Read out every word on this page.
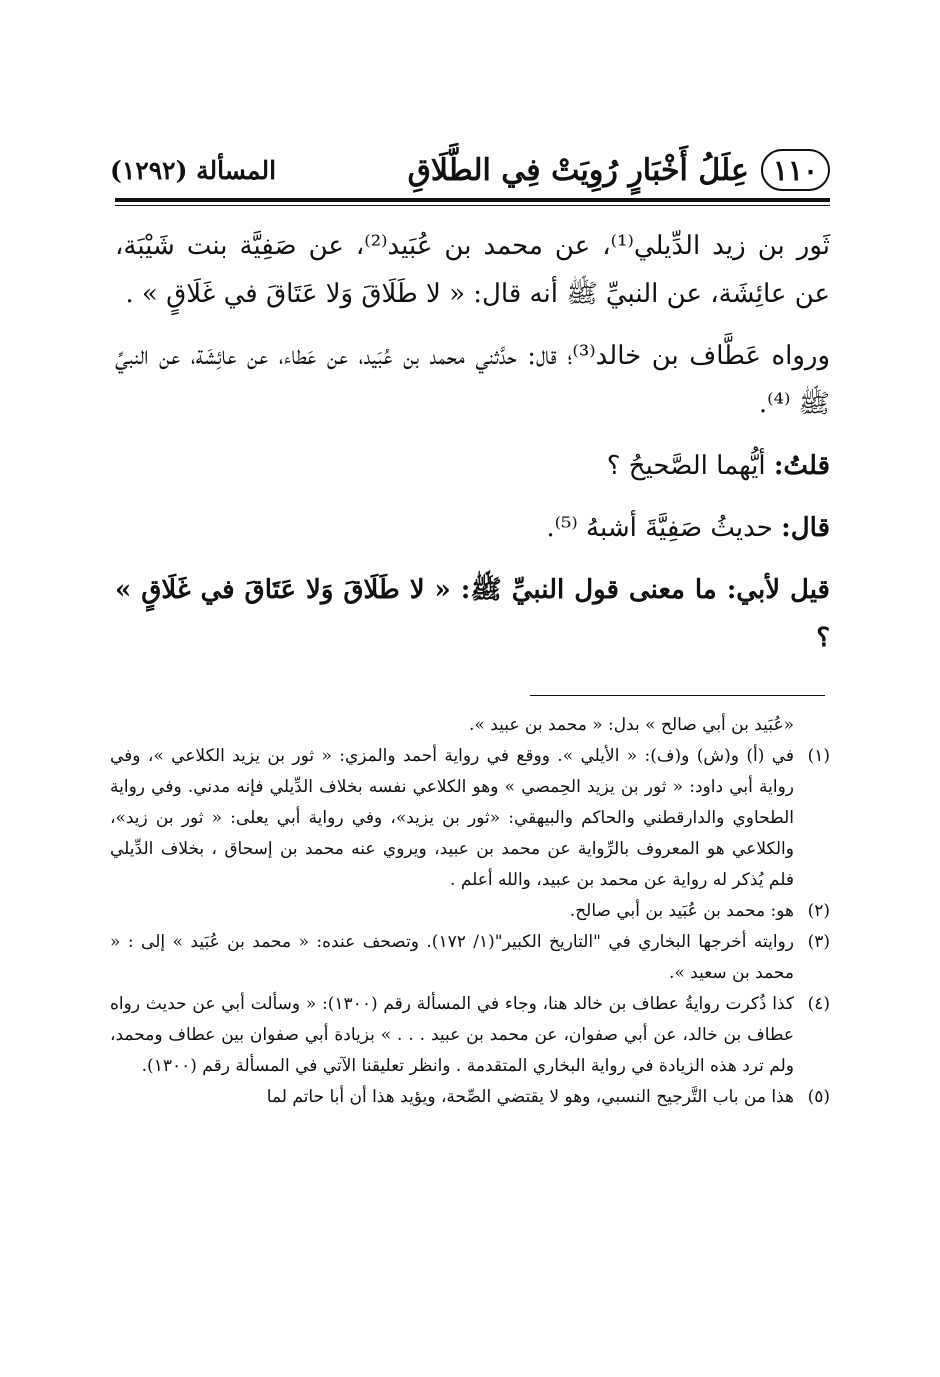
١١٠
عِلَلُ أَخْبَارٍ رُوِيَتْ فِي الطَّلَاقِ
المسألة (١٢٩٢)

ثَور بن زيد الدِّيلي⁽¹⁾، عن محمد بن عُبَيد⁽²⁾، عن صَفِيَّة بنت شَيْبَة، عن عائِشَة، عن النبيِّ ﷺ أنه قال: « لا طَلَاقَ وَلا عَتَاقَ في غَلَاقٍ » .

ورواه عَطَّاف بن خالد⁽³⁾؛ قال: حدَّثني محمد بن عُبَيد، عن عَطاء، عن عائِشَة، عن النبيِّ ﷺ ⁽⁴⁾.

قلتُ: أيُّهما الصَّحيحُ ؟

قال: حديثُ صَفِيَّةَ أشبهُ ⁽⁵⁾.

قيل لأبي: ما معنى قول النبيِّ ﷺ: « لا طَلَاقَ وَلا عَتَاقَ في غَلَاقٍ » ؟

«عُبَيد بن أبي صالح » بدل: « محمد بن عبيد ».

(١)
في (أ) و(ش) و(ف): « الأيلي ». ووقع في رواية أحمد والمزي: « ثور بن يزيد الكلاعي »، وفي رواية أبي داود: « ثور بن يزيد الحِمصي » وهو الكلاعي نفسه بخلاف الدِّيلي فإنه مدني. وفي رواية الطحاوي والدارقطني والحاكم والبيهقي: «ثور بن يزيد»، وفي رواية أبي يعلى: « ثور بن زيد»، والكلاعي هو المعروف بالرِّواية عن محمد بن عبيد، ويروي عنه محمد بن إسحاق ، بخلاف الدِّيلي فلم يُذكر له رواية عن محمد بن عبيد، والله أعلم .
(٢)
هو: محمد بن عُبَيد بن أبي صالح.
(٣)
روايته أخرجها البخاري في "التاريخ الكبير"(١/ ١٧٢). وتصحف عنده: « محمد بن عُبَيد » إلى : « محمد بن سعيد ».
(٤)
كذا ذُكرت روايةُ عطاف بن خالد هنا، وجاء في المسألة رقم (١٣٠٠): « وسألت أبي عن حديث رواه عطاف بن خالد، عن أبي صفوان، عن محمد بن عبيد . . . » بزيادة أبي صفوان بين عطاف ومحمد، ولم ترد هذه الزيادة في رواية البخاري المتقدمة . وانظر تعليقنا الآتي في المسألة رقم (١٣٠٠).
(٥)
هذا من باب التَّرجيح النسبي، وهو لا يقتضي الصِّحة، ويؤيد هذا أن أبا حاتم لما
